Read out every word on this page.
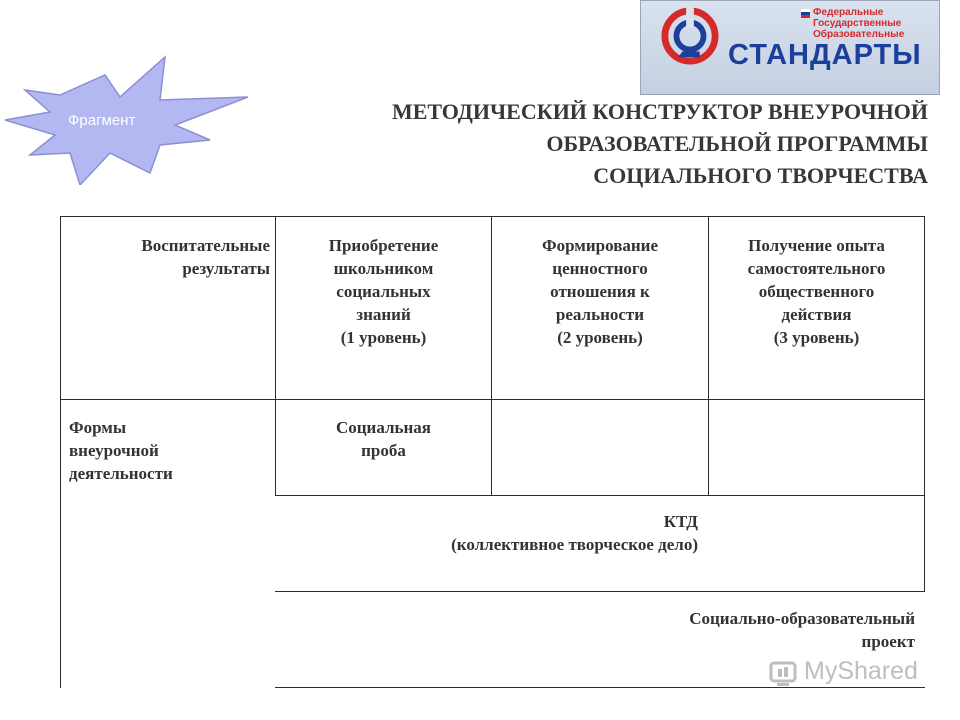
Фрагмент
Федеральные
Государственные
Образовательные
СТАНДАРТЫ
МЕТОДИЧЕСКИЙ КОНСТРУКТОР ВНЕУРОЧНОЙ
ОБРАЗОВАТЕЛЬНОЙ ПРОГРАММЫ
СОЦИАЛЬНОГО ТВОРЧЕСТВА
Воспитательные
результаты
Приобретение
школьником
социальных
знаний
(1 уровень)
Формирование
ценностного
отношения к
реальности
(2 уровень)
Получение опыта
самостоятельного
общественного
действия
(3 уровень)
Формы
внеурочной
деятельности
Социальная
проба
КТД
(коллективное творческое дело)
Социально-образовательный
проект
MyShared
